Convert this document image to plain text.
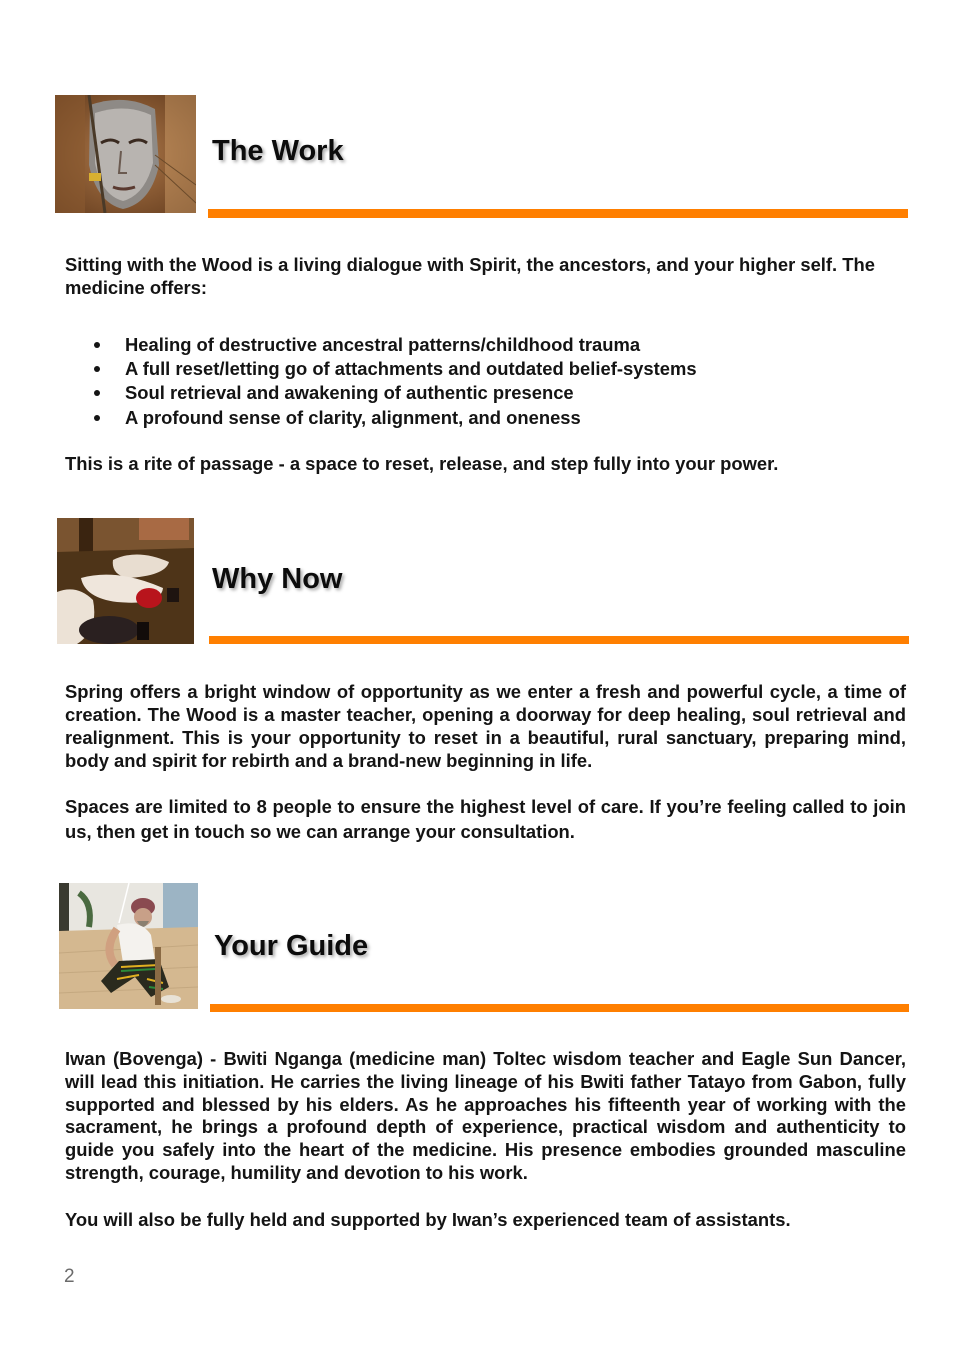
The Work

Sitting with the Wood is a living dialogue with Spirit, the ancestors, and your higher self. The medicine offers:

Healing of destructive ancestral patterns/childhood trauma
A full reset/letting go of attachments and outdated belief-systems
Soul retrieval and awakening of authentic presence
A profound sense of clarity, alignment, and oneness

This is a rite of passage - a space to reset, release, and step fully into your power.

Why Now

Spring offers a bright window of opportunity as we enter a fresh and powerful cycle, a time of creation. The Wood is a master teacher, opening a doorway for deep healing, soul retrieval and realignment. This is your opportunity to reset in a beautiful, rural sanctuary, preparing mind, body and spirit for rebirth and a brand-new beginning in life.

Spaces are limited to 8 people to ensure the highest level of care. If you’re feeling called to join us, then get in touch so we can arrange your consultation.

Your Guide

Iwan (Bovenga) - Bwiti Nganga (medicine man) Toltec wisdom teacher and Eagle Sun Dancer, will lead this initiation. He carries the living lineage of his Bwiti father Tatayo from Gabon, fully supported and blessed by his elders. As he approaches his fifteenth year of working with the sacrament, he brings a profound depth of experience, practical wisdom and authenticity to guide you safely into the heart of the medicine. His presence embodies grounded masculine strength, courage, humility and devotion to his work.

You will also be fully held and supported by Iwan’s experienced team of assistants.

2
